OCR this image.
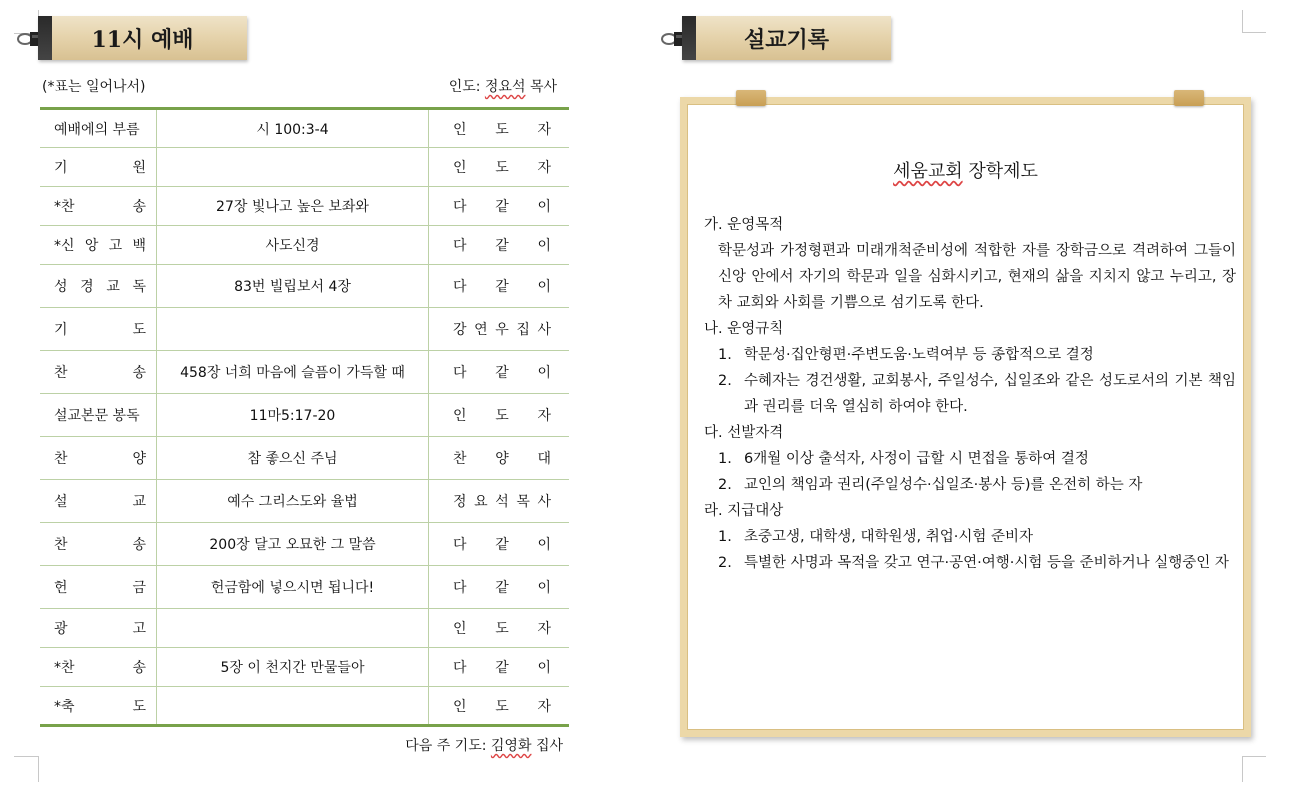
11시 예배
(*표는 일어나서)	인도: 정요석 목사
예배에의 부름	시 100:3-4	인 도 자

기 원		인 도 자

*찬 송	27장 빛나고 높은 보좌와	다 같 이

*신 앙 고 백	사도신경	다 같 이

성 경 교 독	83번 빌립보서 4장	다 같 이

기 도		강 연 우 집 사

찬 송	458장 너희 마음에 슬픔이 가득할 때	다 같 이

설교본문 봉독	11마5:17-20	인 도 자

찬 양	참 좋으신 주님	찬 양 대

설 교	예수 그리스도와 율법	정 요 석 목 사

찬 송	200장 달고 오묘한 그 말씀	다 같 이

헌 금	헌금함에 넣으시면 됩니다!	다 같 이

광 고		인 도 자

*찬 송	5장 이 천지간 만물들아	다 같 이

*축 도		인 도 자
다음 주 기도: 김영화 집사
설교기록
세움교회 장학제도
가. 운영목적
학문성과 가정형편과 미래개척준비성에 적합한 자를 장학금으로 격려하여 그들이 신앙 안에서 자기의 학문과 일을 심화시키고, 현재의 삶을 지치지 않고 누리고, 장차 교회와 사회를 기쁨으로 섬기도록 한다.
나. 운영규칙
1. 학문성·집안형편·주변도움·노력여부 등 종합적으로 결정
2. 수혜자는 경건생활, 교회봉사, 주일성수, 십일조와 같은 성도로서의 기본 책임과 권리를 더욱 열심히 하여야 한다.
다. 선발자격
1. 6개월 이상 출석자, 사정이 급할 시 면접을 통하여 결정
2. 교인의 책임과 권리(주일성수·십일조·봉사 등)를 온전히 하는 자
라. 지급대상
1. 초중고생, 대학생, 대학원생, 취업·시험 준비자
2. 특별한 사명과 목적을 갖고 연구·공연·여행·시험 등을 준비하거나 실행중인 자
